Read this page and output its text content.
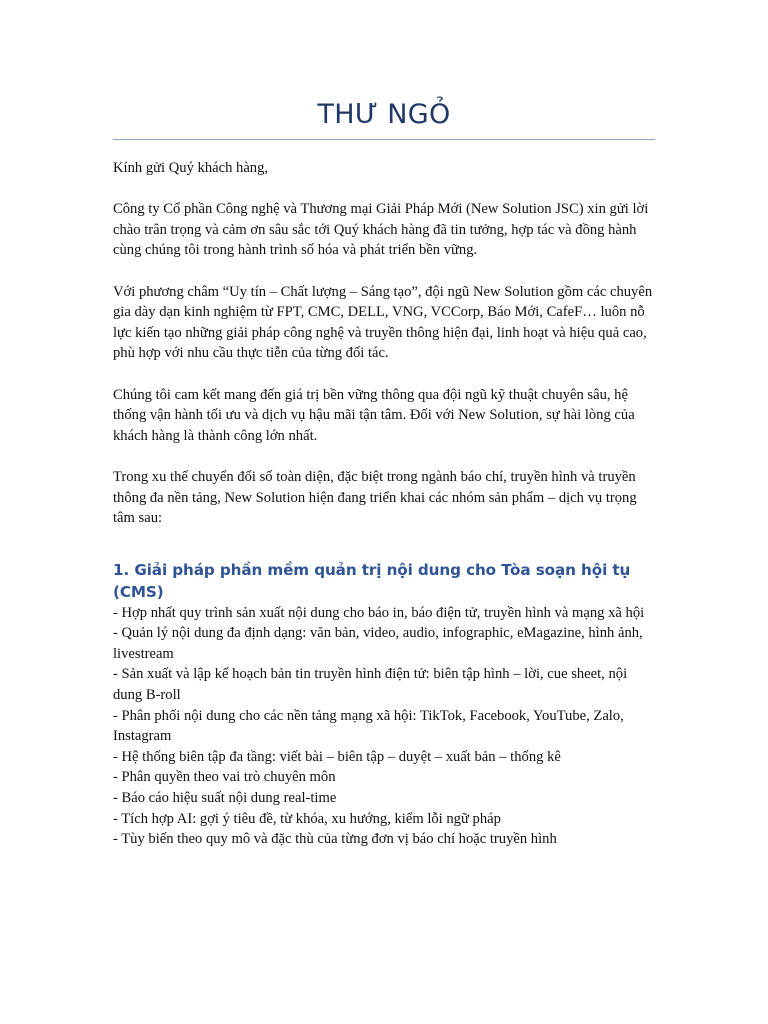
THƯ NGỎ

Kính gửi Quý khách hàng,

Công ty Cổ phần Công nghệ và Thương mại Giải Pháp Mới (New Solution JSC) xin gửi lời chào trân trọng và cảm ơn sâu sắc tới Quý khách hàng đã tin tưởng, hợp tác và đồng hành cùng chúng tôi trong hành trình số hóa và phát triển bền vững.

Với phương châm “Uy tín – Chất lượng – Sáng tạo”, đội ngũ New Solution gồm các chuyên gia dày dạn kinh nghiệm từ FPT, CMC, DELL, VNG, VCCorp, Báo Mới, CafeF… luôn nỗ lực kiến tạo những giải pháp công nghệ và truyền thông hiện đại, linh hoạt và hiệu quả cao, phù hợp với nhu cầu thực tiễn của từng đối tác.

Chúng tôi cam kết mang đến giá trị bền vững thông qua đội ngũ kỹ thuật chuyên sâu, hệ thống vận hành tối ưu và dịch vụ hậu mãi tận tâm. Đối với New Solution, sự hài lòng của khách hàng là thành công lớn nhất.

Trong xu thế chuyển đổi số toàn diện, đặc biệt trong ngành báo chí, truyền hình và truyền thông đa nền tảng, New Solution hiện đang triển khai các nhóm sản phẩm – dịch vụ trọng tâm sau:

1. Giải pháp phần mềm quản trị nội dung cho Tòa soạn hội tụ (CMS)
- Hợp nhất quy trình sản xuất nội dung cho báo in, báo điện tử, truyền hình và mạng xã hội
- Quản lý nội dung đa định dạng: văn bản, video, audio, infographic, eMagazine, hình ảnh, livestream
- Sản xuất và lập kế hoạch bản tin truyền hình điện tử: biên tập hình – lời, cue sheet, nội dung B-roll
- Phân phối nội dung cho các nền tảng mạng xã hội: TikTok, Facebook, YouTube, Zalo, Instagram
- Hệ thống biên tập đa tầng: viết bài – biên tập – duyệt – xuất bản – thống kê
- Phân quyền theo vai trò chuyên môn
- Báo cáo hiệu suất nội dung real-time
- Tích hợp AI: gợi ý tiêu đề, từ khóa, xu hướng, kiểm lỗi ngữ pháp
- Tùy biến theo quy mô và đặc thù của từng đơn vị báo chí hoặc truyền hình
